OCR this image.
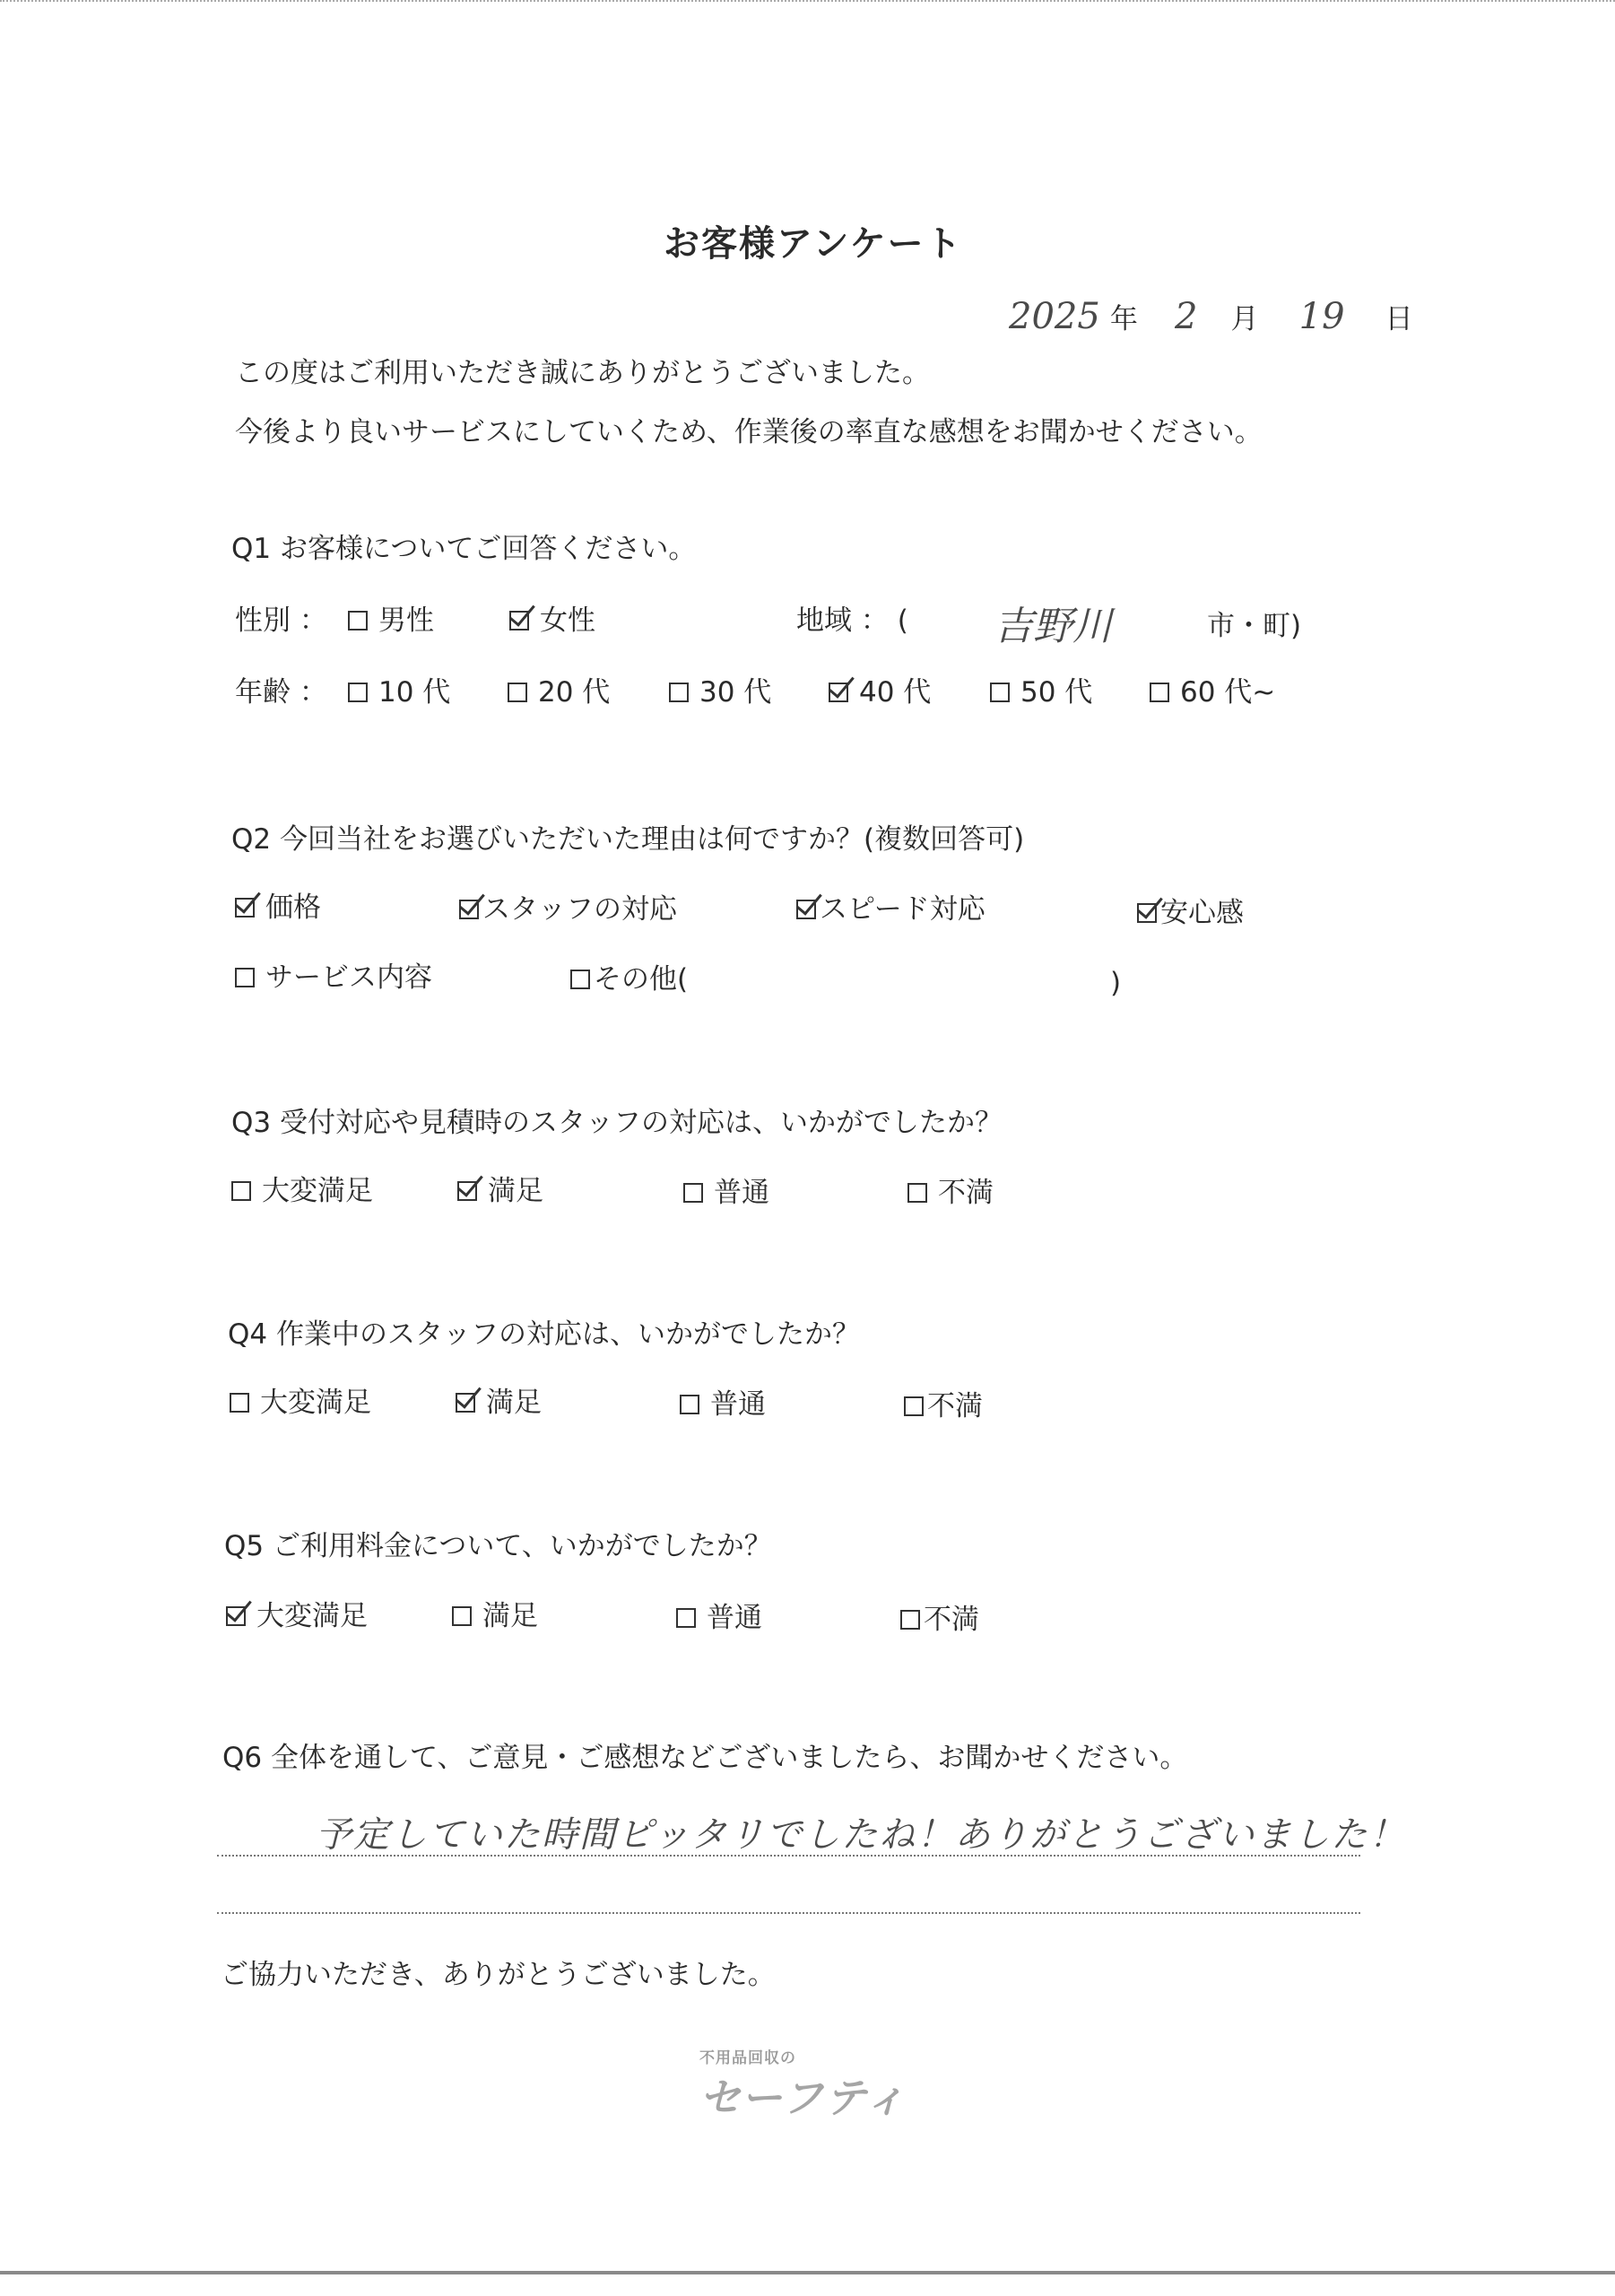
お客様アンケート
2025 年 2 月 19 日
この度はご利用いただき誠にありがとうございました。
今後より良いサービスにしていくため、作業後の率直な感想をお聞かせください。
Q1 お客様についてご回答ください。
性別 ： 男性	女性	地域 ： ( 吉野川	市・町)
年齢 ： 10 代	20 代	30 代	40 代	50 代	60 代~
Q2 今回当社をお選びいただいた理由は何ですか？(複数回答可)
価格	スタッフの対応	スピード対応	安心感
サービス内容	その他(	)
Q3 受付対応や見積時のスタッフの対応は、いかがでしたか？
大変満足	満足	普通	不満
Q4 作業中のスタッフの対応は、いかがでしたか？
大変満足	満足	普通	不満
Q5 ご利用料金について、いかがでしたか？
大変満足	満足	普通	不満
Q6 全体を通して、ご意見・ご感想などございましたら、お聞かせください。
予定していた時間ピッタリでしたね！ありがとうございました！
ご協力いただき、ありがとうございました。
不用品回収の
セーフティ
